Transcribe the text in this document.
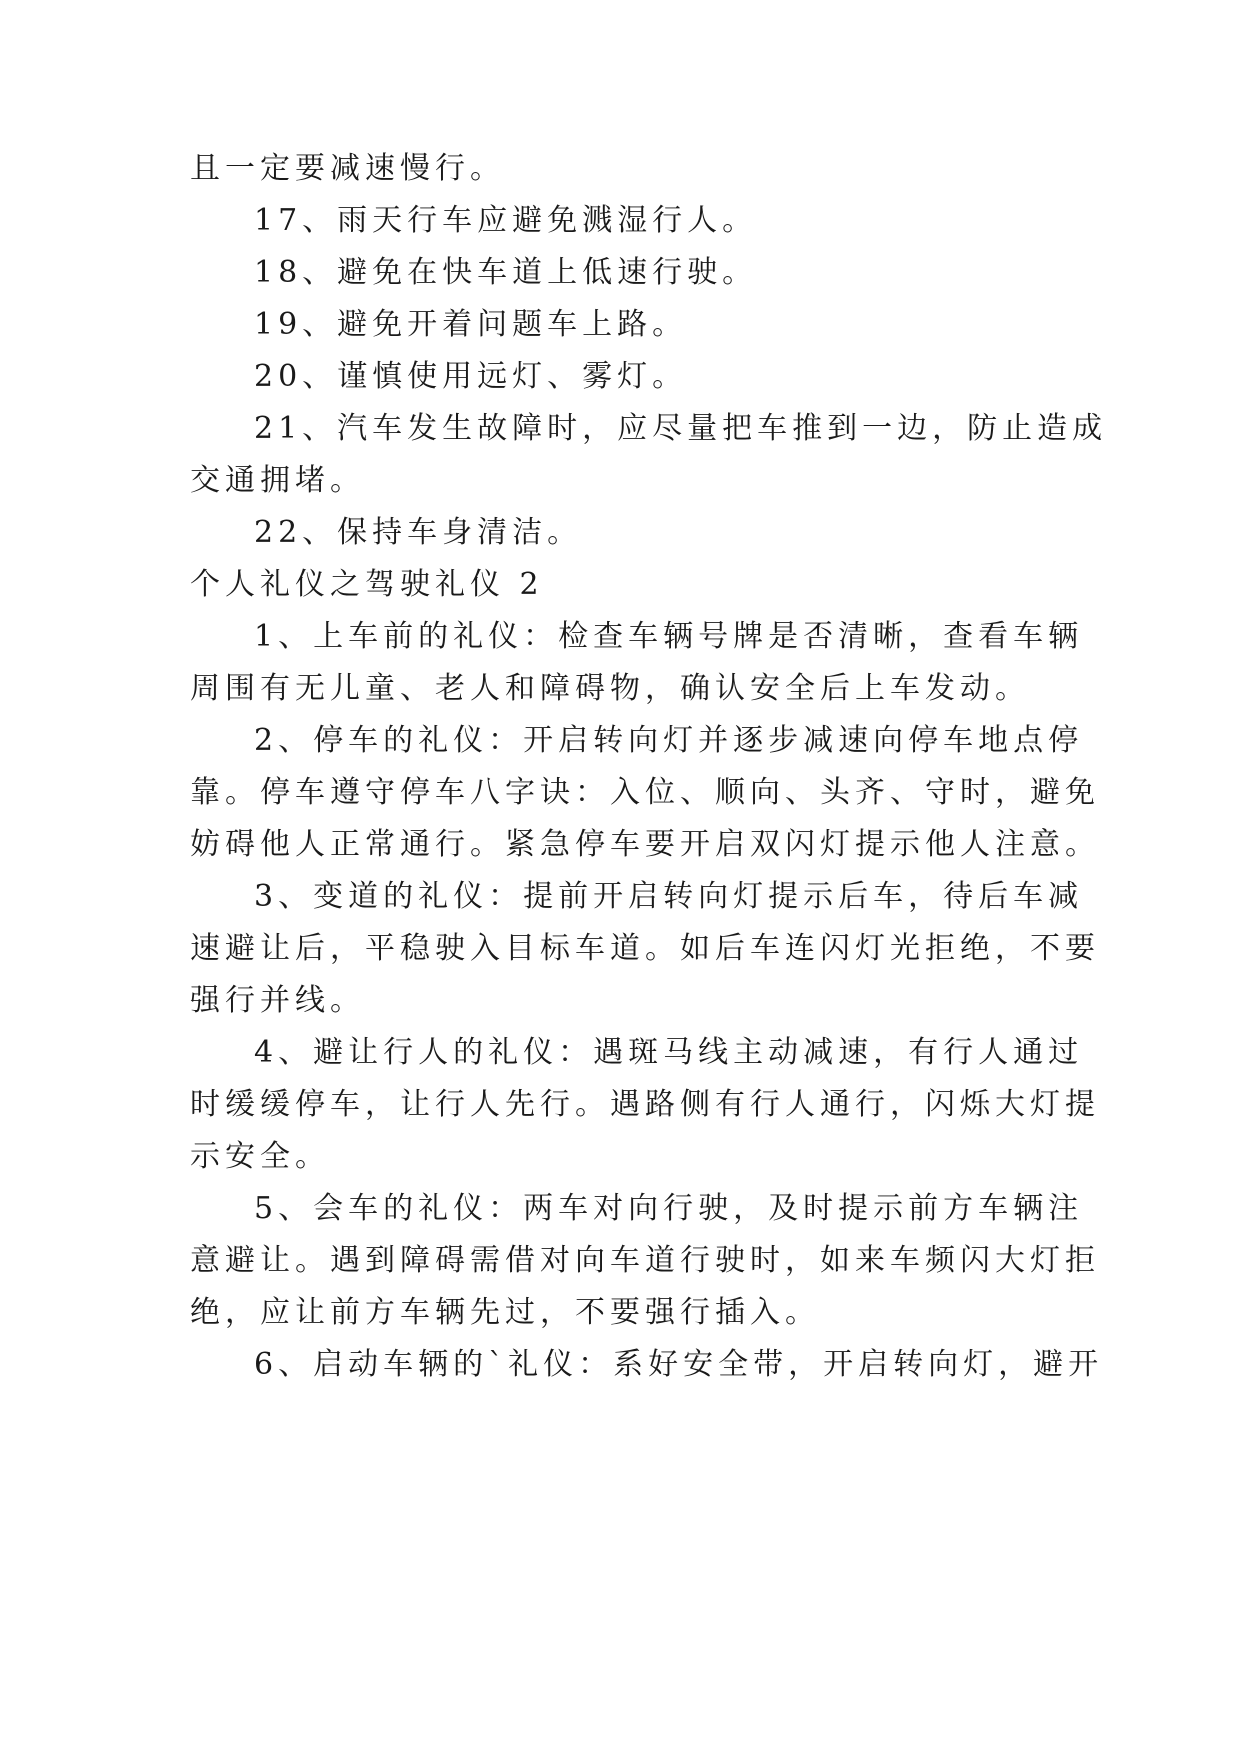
且一定要减速慢行。

17、雨天行车应避免溅湿行人。

18、避免在快车道上低速行驶。

19、避免开着问题车上路。

20、谨慎使用远灯、雾灯。

21、汽车发生故障时，应尽量把车推到一边，防止造成

交通拥堵。

22、保持车身清洁。

个人礼仪之驾驶礼仪 2

1、上车前的礼仪：检查车辆号牌是否清晰，查看车辆

周围有无儿童、老人和障碍物，确认安全后上车发动。

2、停车的礼仪：开启转向灯并逐步减速向停车地点停

靠。停车遵守停车八字诀：入位、顺向、头齐、守时，避免

妨碍他人正常通行。紧急停车要开启双闪灯提示他人注意。

3、变道的礼仪：提前开启转向灯提示后车，待后车减

速避让后，平稳驶入目标车道。如后车连闪灯光拒绝，不要

强行并线。

4、避让行人的礼仪：遇斑马线主动减速，有行人通过

时缓缓停车，让行人先行。遇路侧有行人通行，闪烁大灯提

示安全。

5、会车的礼仪：两车对向行驶，及时提示前方车辆注

意避让。遇到障碍需借对向车道行驶时，如来车频闪大灯拒

绝，应让前方车辆先过，不要强行插入。

6、启动车辆的`礼仪：系好安全带，开启转向灯，避开
